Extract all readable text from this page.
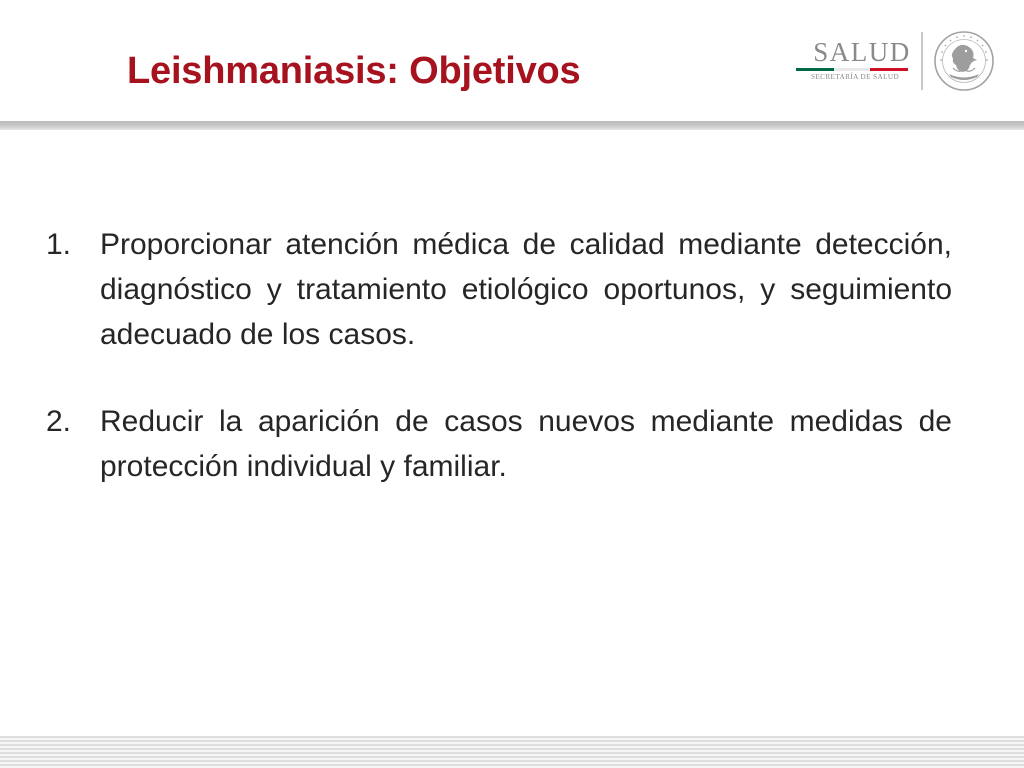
Leishmaniasis: Objetivos	SALUD
SECRETARÍA DE SALUD
1. Proporcionar atención médica de calidad mediante detección, diagnóstico y tratamiento etiológico oportunos, y seguimiento adecuado de los casos.

2. Reducir la aparición de casos nuevos mediante medidas de protección individual y familiar.
